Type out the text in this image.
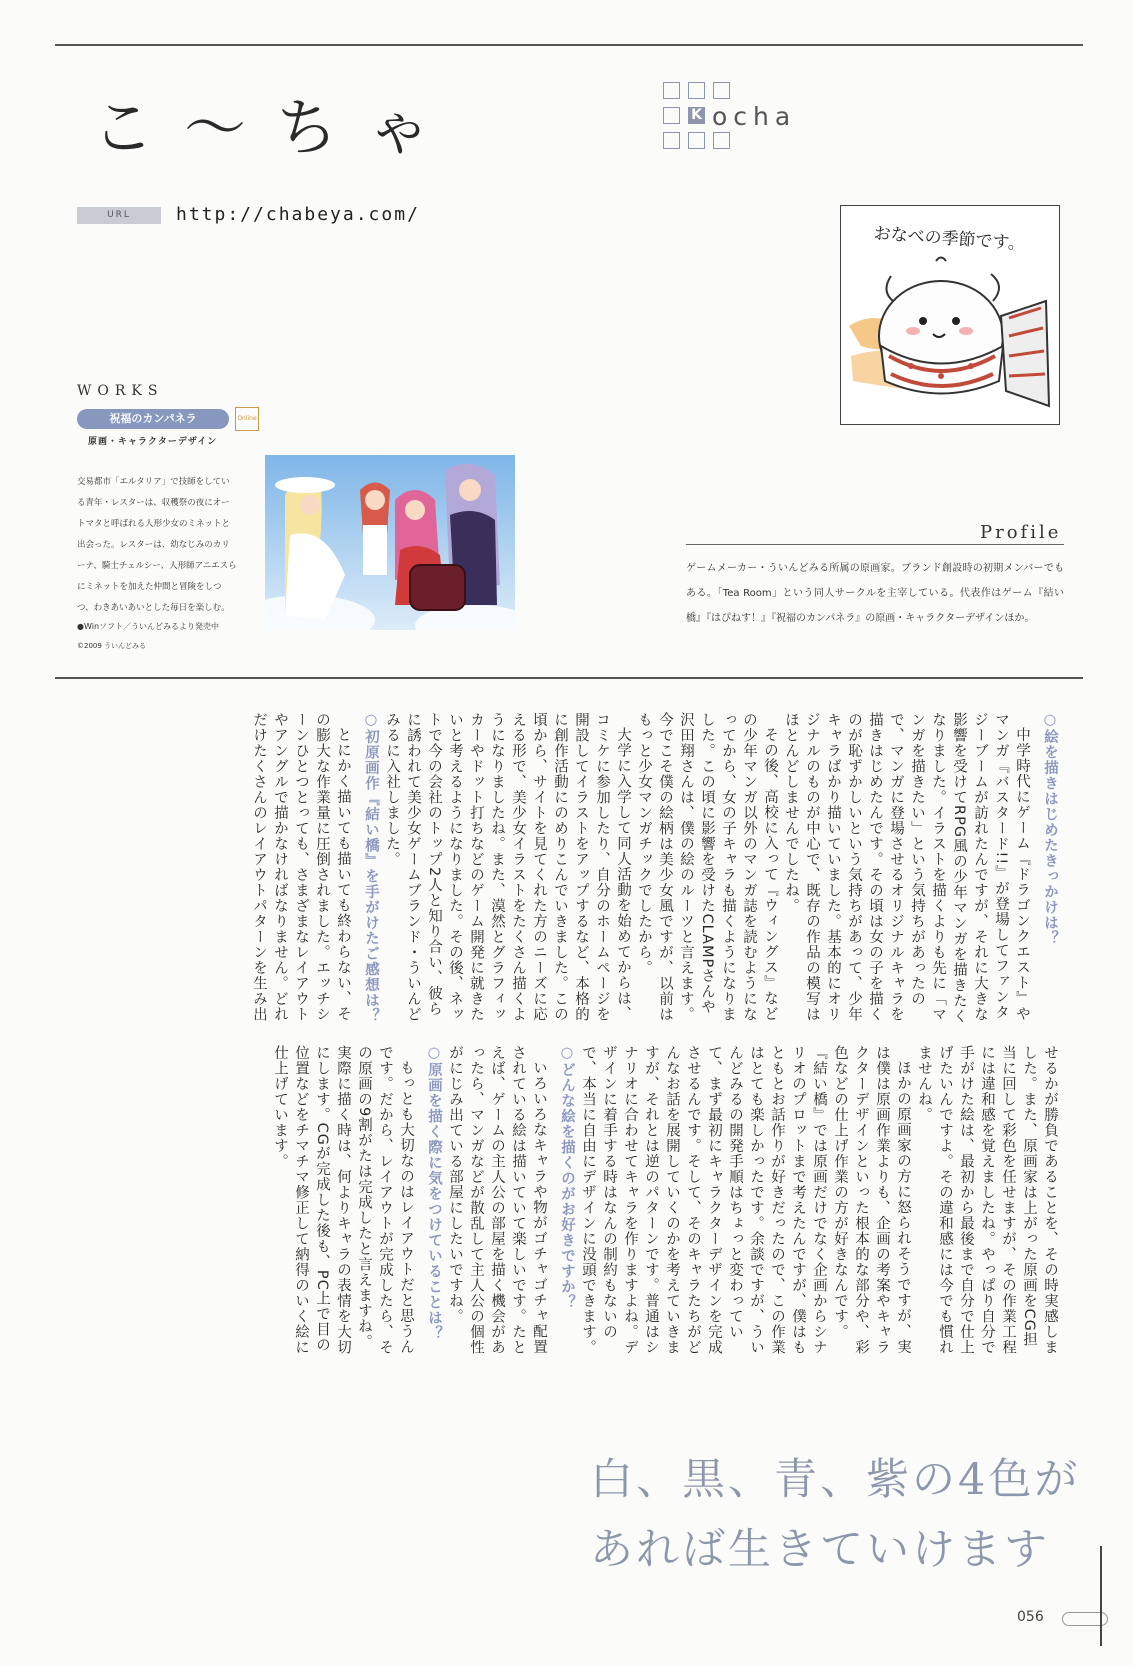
こ〜ちゃ	K ocha
URL	http://chabeya.com/
おなべの季節です。
WORKS
祝福のカンパネラ	Online
原画・キャラクターデザイン
交易都市「エルタリア」で技師をしている青年・レスターは、収穫祭の夜にオートマタと呼ばれる人形少女のミネットと出会った。レスターは、幼なじみのカリーナ、騎士チェルシー、人形師アニエスらにミネットを加えた仲間と冒険をしつつ、わきあいあいとした毎日を楽しむ。
●Winソフト／ういんどみるより発売中
©2009 ういんどみる
Profile
ゲームメーカー・ういんどみる所属の原画家。ブランド創設時の初期メンバーでもある。「Tea Room」という同人サークルを主宰している。代表作はゲーム『結い橋』『はぴねす！』『祝福のカンパネラ』の原画・キャラクターデザインほか。

○ 絵を描きはじめたきっかけは？

中学時代にゲーム『ドラゴンクエスト』やマンガ『バスタード!!』が登場してファンタジーブームが訪れたんですが、それに大きな影響を受けてRPG風の少年マンガを描きたくなりました。イラストを描くよりも先に「マンガを描きたい」という気持ちがあったので、マンガに登場させるオリジナルキャラを描きはじめたんです。その頃は女の子を描くのが恥ずかしいという気持ちがあって、少年キャラばかり描いていました。基本的にオリジナルのものが中心で、既存の作品の模写はほとんどしませんでしたね。

その後、高校に入って『ウィングス』などの少年マンガ以外のマンガ誌を読むようになってから、女の子キャラも描くようになりました。この頃に影響を受けたCLAMPさんや沢田翔さんは、僕の絵のルーツと言えます。今でこそ僕の絵柄は美少女風ですが、以前はもっと少女マンガチックでしたから。

大学に入学して同人活動を始めてからは、コミケに参加したり、自分のホームページを開設してイラストをアップするなど、本格的に創作活動にのめりこんでいきました。この頃から、サイトを見てくれた方のニーズに応える形で、美少女イラストをたくさん描くようになりましたね。また、漠然とグラフィッカーやドット打ちなどのゲーム開発に就きたいと考えるようになりました。その後、ネットで今の会社のトップ2人と知り合い、彼らに誘われて美少女ゲームブランド・ういんどみるに入社しました。

○ 初原画作『結い橋』を手がけたご感想は？

とにかく描いても描いても終わらない、その膨大な作業量に圧倒されました。エッチシーンひとつとっても、さまざまなレイアウトやアングルで描かなければなりません。どれだけたくさんのレイアウトパターンを生み出せるかが勝負であることを、その時実感しました。また、原画家は上がった原画をCG担当に回して彩色を任せますが、その作業工程には違和感を覚えましたね。やっぱり自分で手がけた絵は、最初から最後まで自分で仕上げたいんですよ。その違和感には今でも慣れませんね。

ほかの原画家の方に怒られそうですが、実は僕は原画作業よりも、企画の考案やキャラクターデザインといった根本的な部分や、彩色などの仕上げ作業の方が好きなんです。『結い橋』では原画だけでなく企画からシナリオのプロットまで考えたんですが、僕はもともとお話作りが好きだったので、この作業はとても楽しかったです。余談ですが、ういんどみるの開発手順はちょっと変わっていて、まず最初にキャラクターデザインを完成させるんです。そして、そのキャラたちがどんなお話を展開していくのかを考えていきますが、それとは逆のパターンです。普通はシナリオに合わせてキャラを作りますよね。デザインに着手する時はなんの制約もないので、本当に自由にデザインに没頭できます。

○ どんな絵を描くのがお好きですか？

いろいろなキャラや物がゴチャゴチャ配置されている絵は描いていて楽しいです。たとえば、ゲームの主人公の部屋を描く機会があったら、マンガなどが散乱して主人公の個性がにじみ出ている部屋にしたいですね。

○ 原画を描く際に気をつけていることは？

もっとも大切なのはレイアウトだと思うんです。だから、レイアウトが完成したら、その原画の9割がたは完成したと言えますね。実際に描く時は、何よりキャラの表情を大切にします。CGが完成した後も、PC上で目の位置などをチマチマ修正して納得のいく絵に仕上げています。

白、黒、青、紫の4色が
あれば生きていけます
056
